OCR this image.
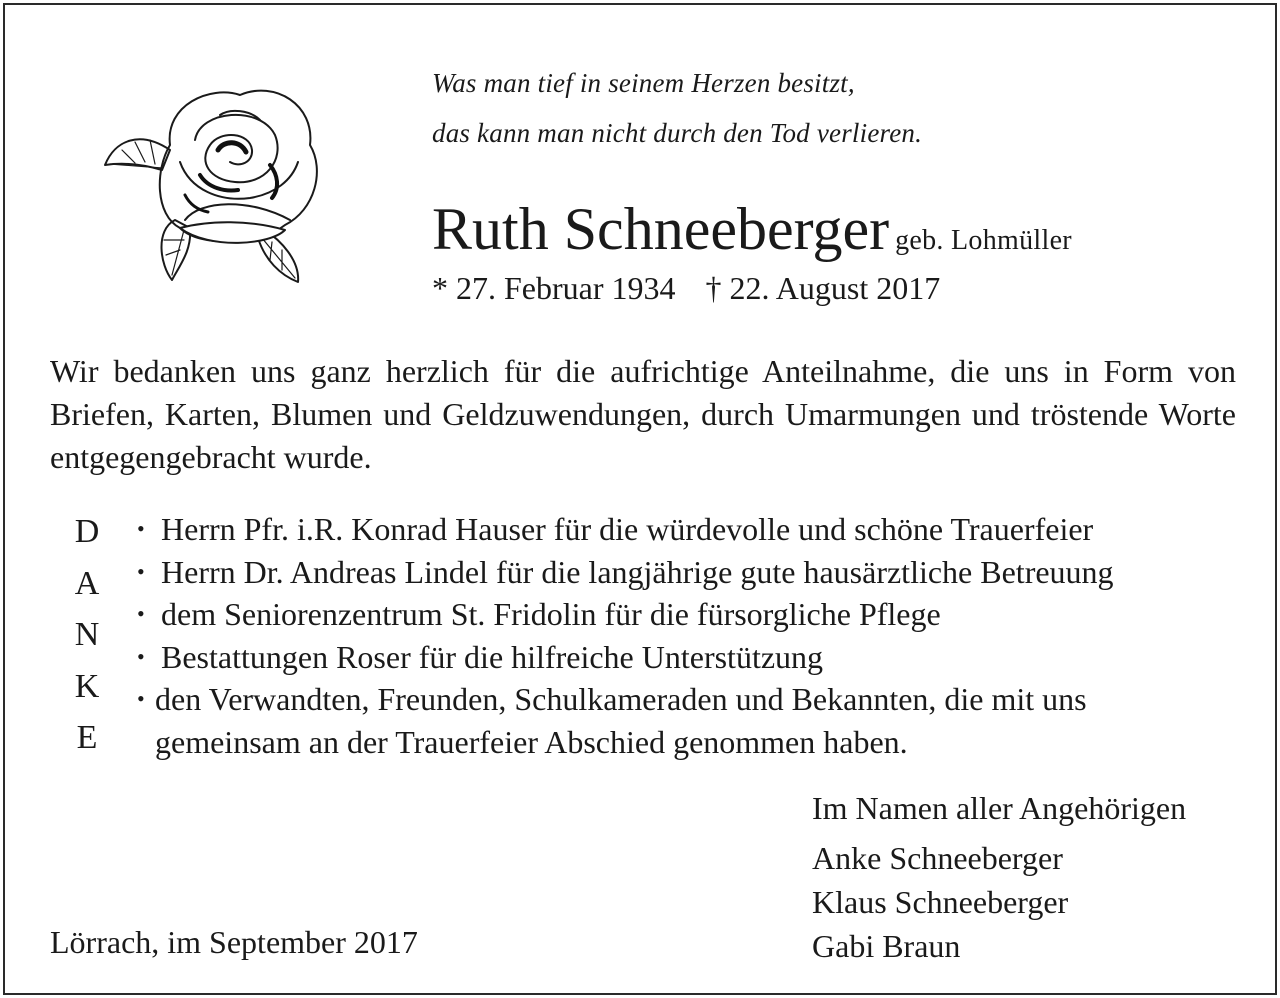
Was man tief in seinem Herzen besitzt,
das kann man nicht durch den Tod verlieren.
Ruth Schneeberger geb. Lohmüller
* 27. Februar 1934 † 22. August 2017
Wir bedanken uns ganz herzlich für die aufrichtige Anteilnahme, die uns in Form von Briefen, Karten, Blumen und Geldzuwendungen, durch Umarmungen und tröstende Worte entgegengebracht wurde.
D
A
N
K
E
• Herrn Pfr. i.R. Konrad Hauser für die würdevolle und schöne Trauerfeier
• Herrn Dr. Andreas Lindel für die langjährige gute hausärztliche Betreuung
• dem Seniorenzentrum St. Fridolin für die fürsorgliche Pflege
• Bestattungen Roser für die hilfreiche Unterstützung
• den Verwandten, Freunden, Schulkameraden und Bekannten, die mit uns gemeinsam an der Trauerfeier Abschied genommen haben.
Im Namen aller Angehörigen
Anke Schneeberger
Klaus Schneeberger
Gabi Braun
Lörrach, im September 2017
